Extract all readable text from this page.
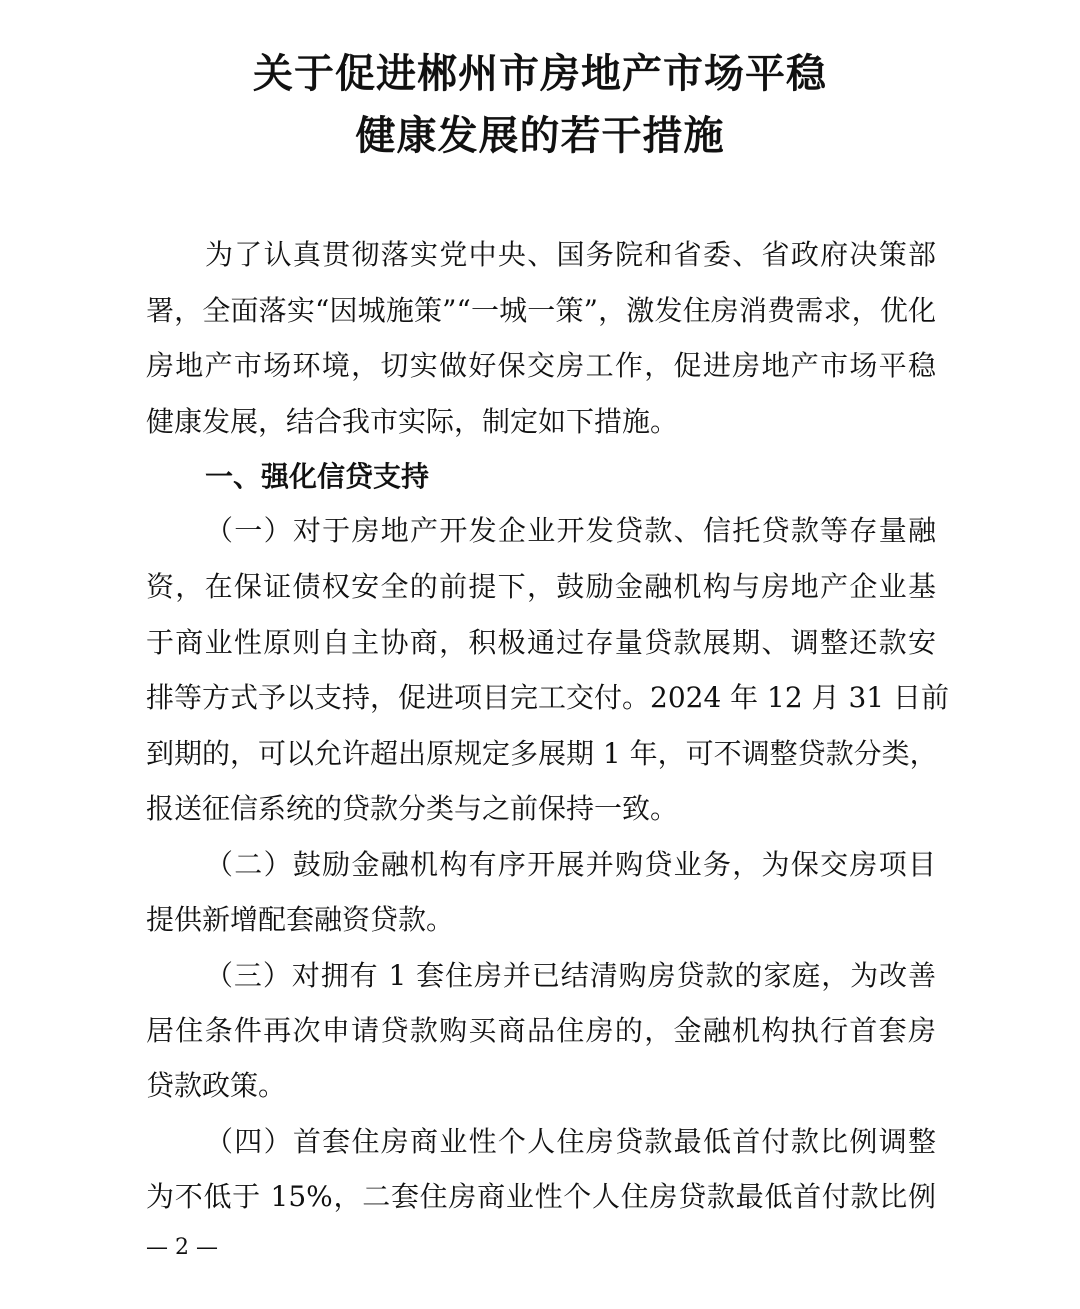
关于促进郴州市房地产市场平稳
健康发展的若干措施
为了认真贯彻落实党中央、国务院和省委、省政府决策部
署，全面落实“因城施策”“一城一策”，激发住房消费需求，优化
房地产市场环境，切实做好保交房工作，促进房地产市场平稳
健康发展，结合我市实际，制定如下措施。
一、强化信贷支持
（一）对于房地产开发企业开发贷款、信托贷款等存量融
资，在保证债权安全的前提下，鼓励金融机构与房地产企业基
于商业性原则自主协商，积极通过存量贷款展期、调整还款安
排等方式予以支持，促进项目完工交付。2024 年 12 月 31 日前
到期的，可以允许超出原规定多展期 1 年，可不调整贷款分类，
报送征信系统的贷款分类与之前保持一致。
（二）鼓励金融机构有序开展并购贷业务，为保交房项目
提供新增配套融资贷款。
（三）对拥有 1 套住房并已结清购房贷款的家庭，为改善
居住条件再次申请贷款购买商品住房的，金融机构执行首套房
贷款政策。
（四）首套住房商业性个人住房贷款最低首付款比例调整
为不低于 15%，二套住房商业性个人住房贷款最低首付款比例
— 2 —
